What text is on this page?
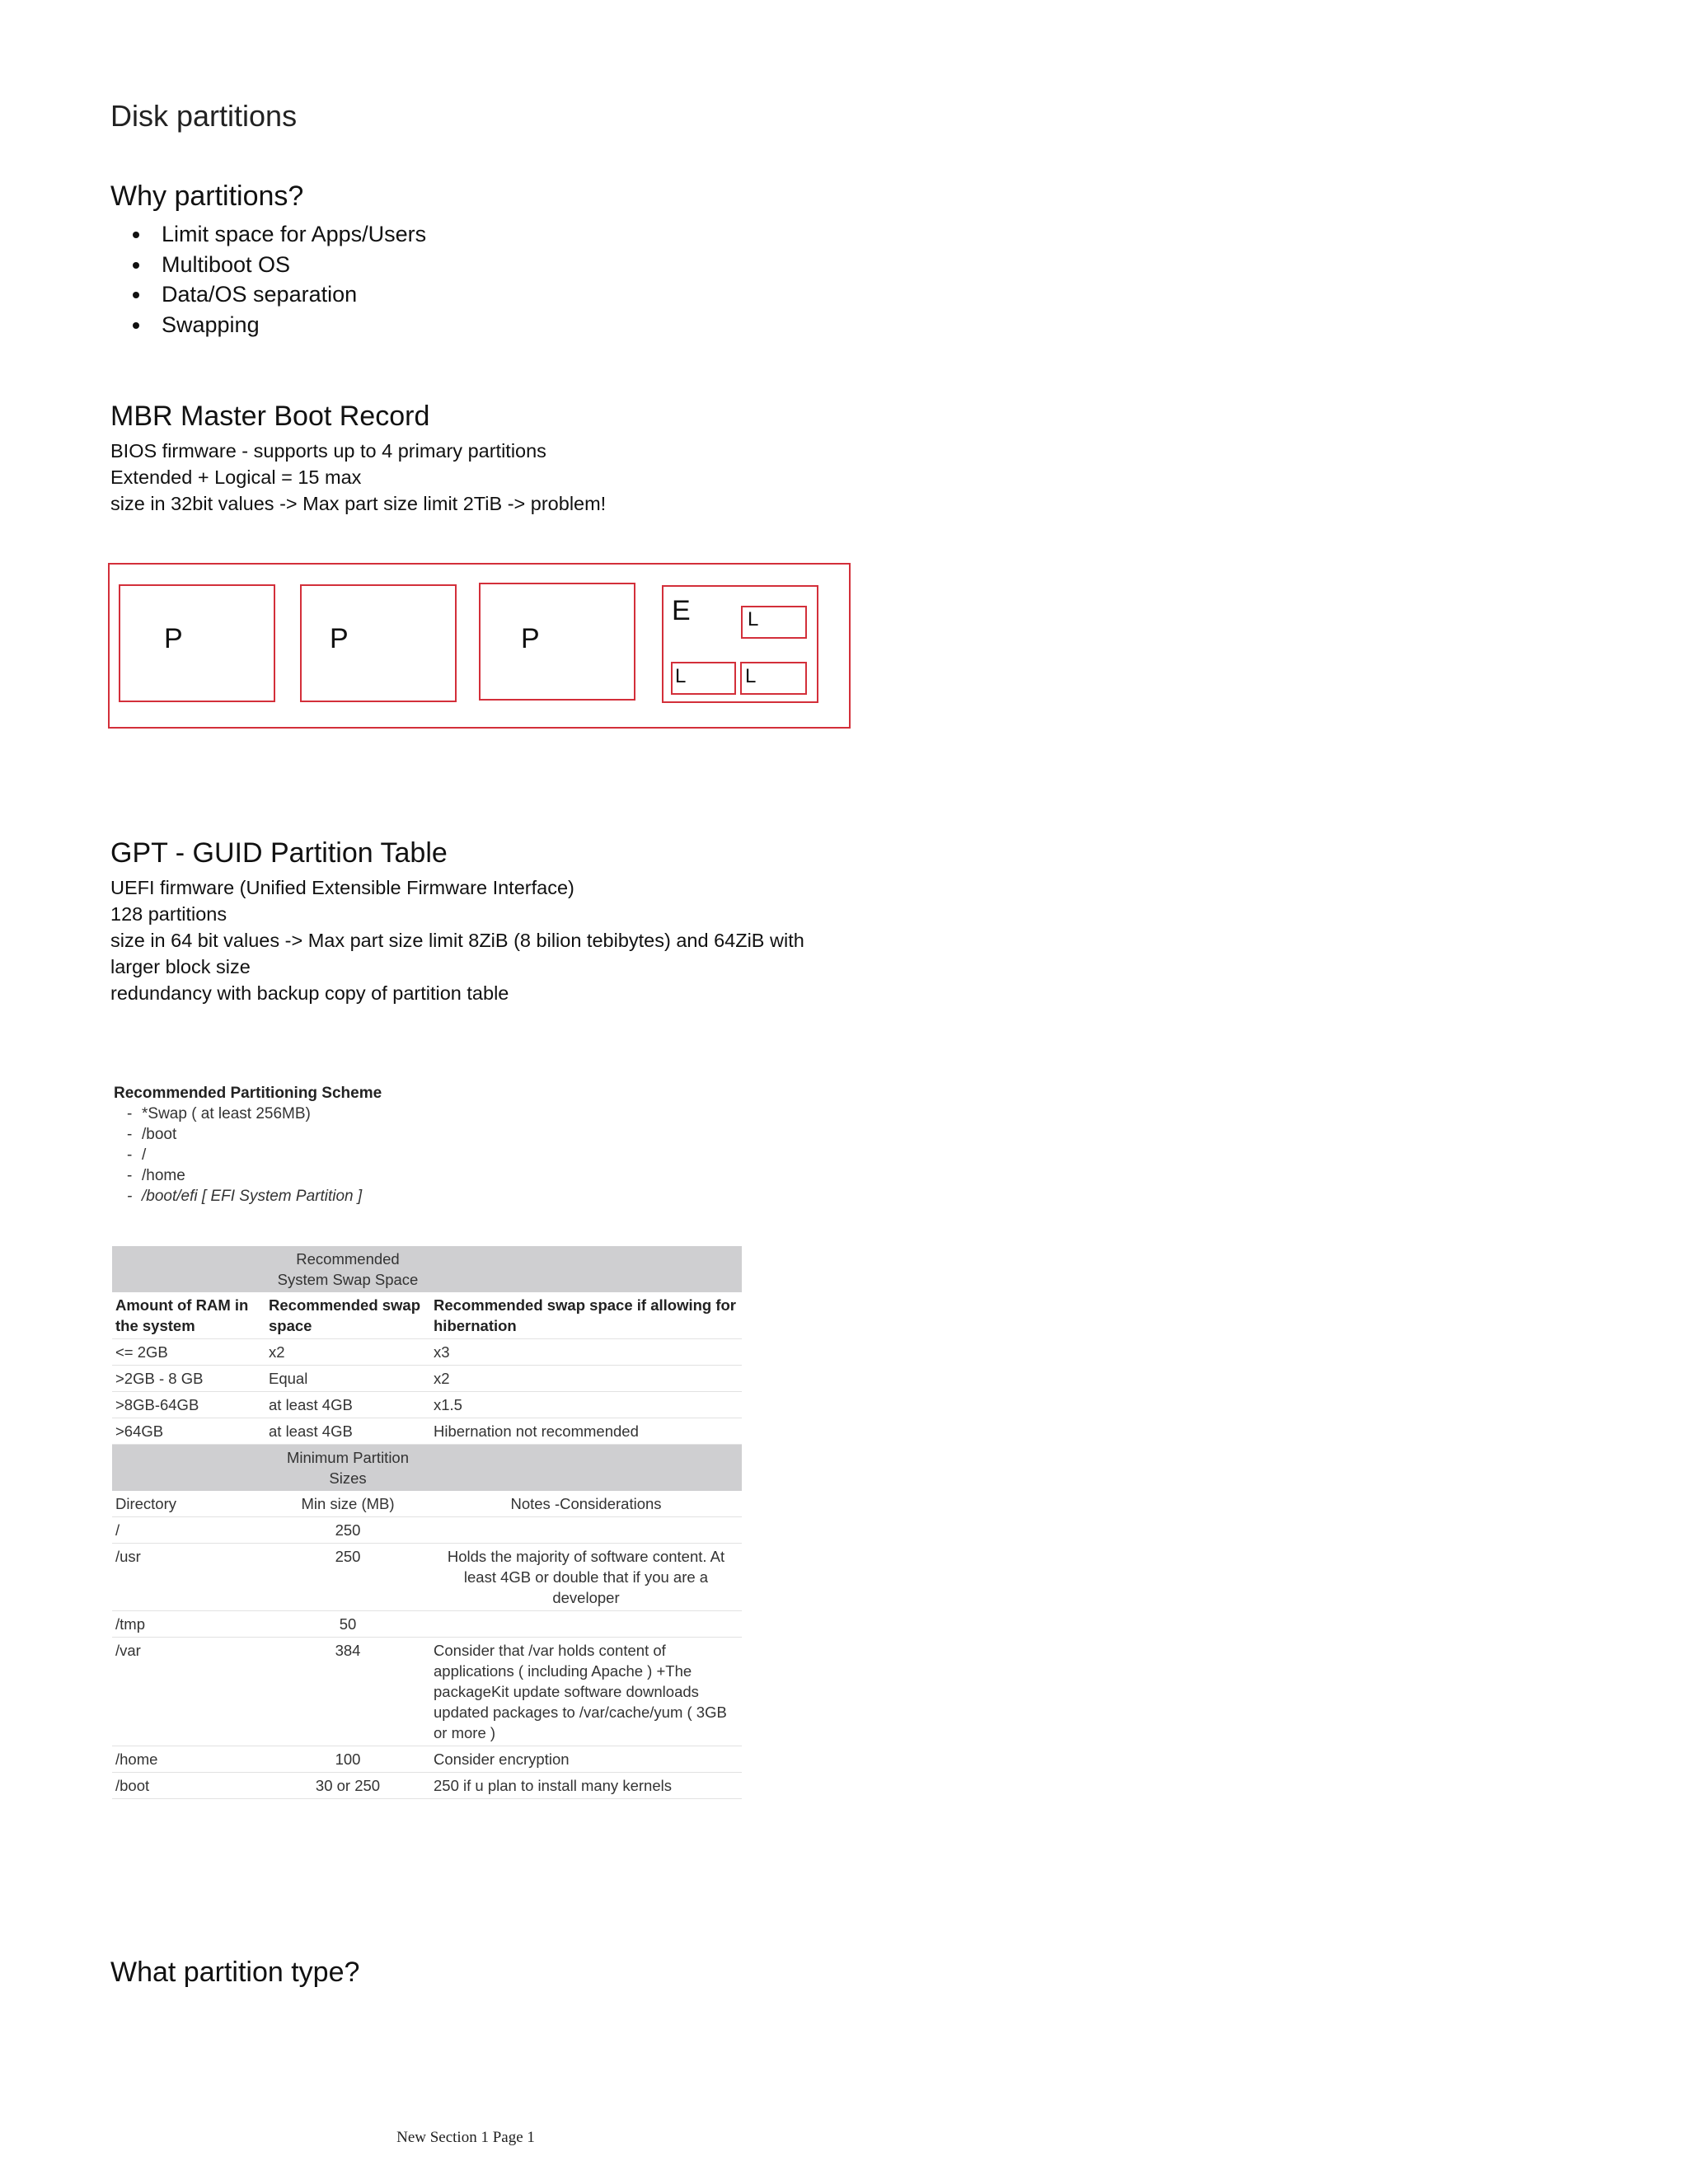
Disk partitions
Why partitions?
• Limit space for Apps/Users
• Multiboot OS
• Data/OS separation
• Swapping
MBR Master Boot Record
BIOS firmware - supports up to 4 primary partitions
Extended + Logical = 15 max
size in 32bit values -> Max part size limit 2TiB -> problem!
P	P	P
E	L
L	L
GPT - GUID Partition Table
UEFI firmware (Unified Extensible Firmware Interface)
128 partitions
size in 64 bit values -> Max part size limit 8ZiB (8 bilion tebibytes) and 64ZiB with
larger block size
redundancy with backup copy of partition table
Recommended Partitioning Scheme
- *Swap ( at least 256MB)
- /boot
- /
- /home
- /boot/efi [ EFI System Partition ]
	Recommended System Swap Space	
Amount of RAM in the system	Recommended swap space	Recommended swap space if allowing for hibernation
<= 2GB	x2	x3
>2GB - 8 GB	Equal	x2
>8GB-64GB	at least 4GB	x1.5
>64GB	at least 4GB	Hibernation not recommended
	Minimum Partition Sizes	
Directory	Min size (MB)	Notes -Considerations
/	250	
/usr	250	Holds the majority of software content. At least 4GB or double that if you are a developer
/tmp	50	
/var	384	Consider that /var holds content of applications ( including Apache ) +The packageKit update software downloads updated packages to /var/cache/yum ( 3GB or more )
/home	100	Consider encryption
/boot	30 or 250	250 if u plan to install many kernels
What partition type?
New Section 1 Page 1
